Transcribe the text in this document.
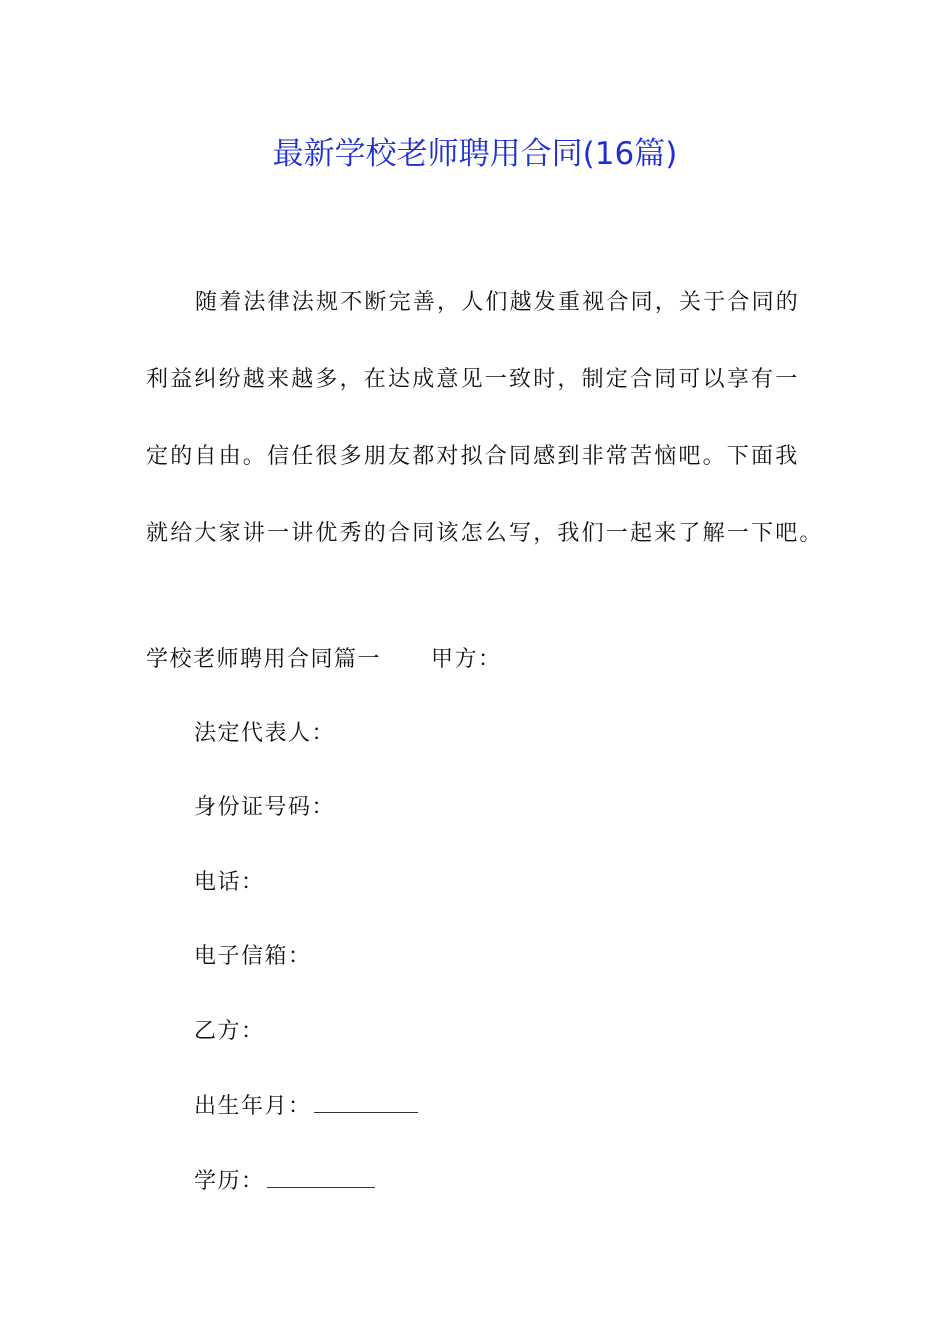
最新学校老师聘用合同(16篇)
随着法律法规不断完善，人们越发重视合同，关于合同的
利益纠纷越来越多，在达成意见一致时，制定合同可以享有一
定的自由。信任很多朋友都对拟合同感到非常苦恼吧。下面我
就给大家讲一讲优秀的合同该怎么写，我们一起来了解一下吧。
学校老师聘用合同篇一 甲方：
法定代表人：
身份证号码：
电话：
电子信箱：
乙方：
出生年月：
学历：
